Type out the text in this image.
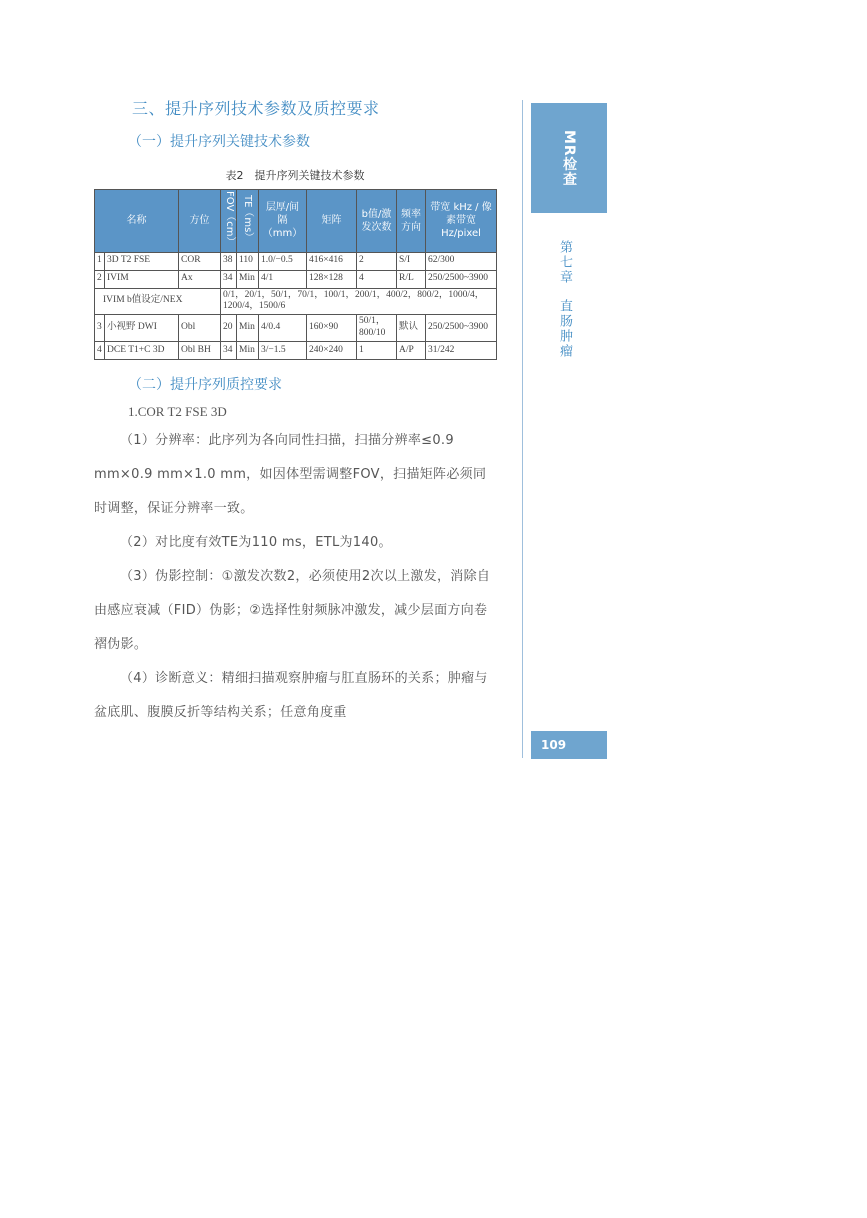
三、提升序列技术参数及质控要求
（一）提升序列关键技术参数
表2　提升序列关键技术参数
名称		方位	FOV（cm）	TE（ms）	层厚/间隔（mm）	矩阵	b值/激发次数	频率方向	带宽 kHz / 像素带宽 Hz/pixel
1	3D T2 FSE	COR	38	110	1.0/−0.5	416×416	2	S/I	62/300
2	IVIM	Ax	34	Min	4/1	128×128	4	R/L	250/2500~3900
IVIM b值设定/NEX			0/1，20/1，50/1，70/1，100/1，200/1，400/2，800/2，1000/4，1200/4，1500/6						
3	小视野 DWI	Obl	20	Min	4/0.4	160×90	50/1，800/10	默认	250/2500~3900
4	DCE T1+C 3D	Obl BH	34	Min	3/−1.5	240×240	1	A/P	31/242
（二）提升序列质控要求
1.COR T2 FSE 3D

（1）分辨率：此序列为各向同性扫描，扫描分辨率≤0.9 mm×0.9 mm×1.0 mm，如因体型需调整FOV，扫描矩阵必须同时调整，保证分辨率一致。

（2）对比度有效TE为110 ms，ETL为140。

（3）伪影控制：①激发次数2，必须使用2次以上激发，消除自由感应衰减（FID）伪影；②选择性射频脉冲激发，减少层面方向卷褶伪影。

（4）诊断意义：精细扫描观察肿瘤与肛直肠环的关系；肿瘤与盆底肌、腹膜反折等结构关系；任意角度重

MR检查
第七章直肠肿瘤
109
